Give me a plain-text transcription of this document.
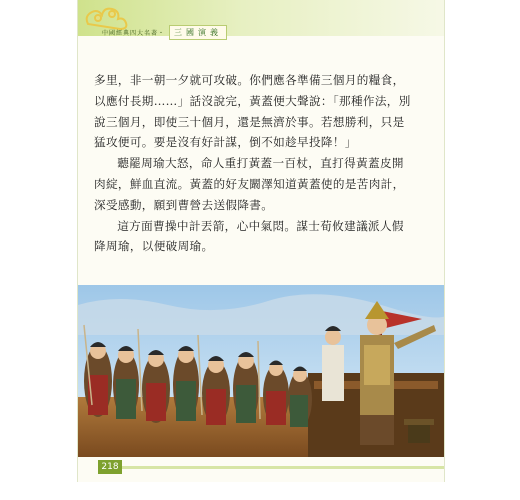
中國經典四大名著・	三國演義

多里，非一朝一夕就可攻破。你們應各準備三個月的糧食，以應付長期……」話沒說完，黃蓋便大聲說：「那種作法，別說三個月，即使三十個月，還是無濟於事。若想勝利，只是猛攻便可。要是沒有好計謀，倒不如趁早投降！」

聽罷周瑜大怒，命人重打黃蓋一百杖，直打得黃蓋皮開肉綻，鮮血直流。黃蓋的好友闞澤知道黃蓋使的是苦肉計，深受感動，願到曹營去送假降書。

這方面曹操中計丟箭，心中氣悶。謀士荀攸建議派人假降周瑜，以便破周瑜。

218
